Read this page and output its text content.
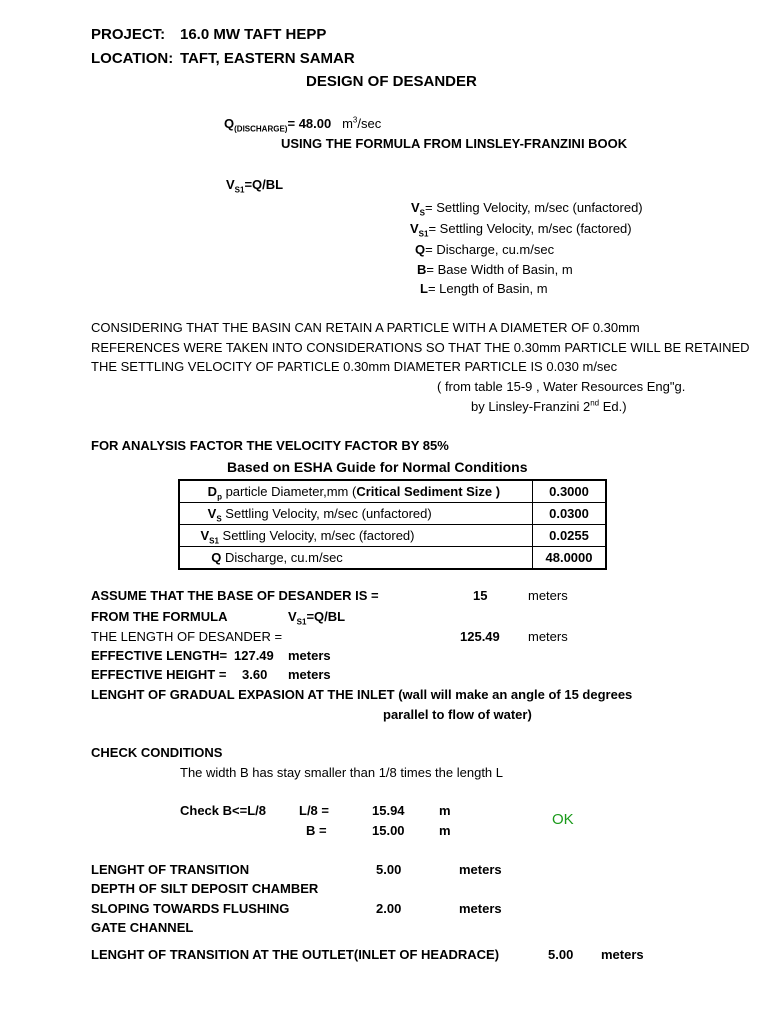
PROJECT: 16.0 MW TAFT HEPP
LOCATION: TAFT, EASTERN SAMAR
DESIGN OF DESANDER
$Q_{(DISCHARGE)}= 48.00$ $m^3/\sec$
USING THE FORMULA FROM LINSLEY-FRANZINI BOOK
$V_{S1}=Q/BL$
$V_S=$ Settling Velocity, m/sec (unfactored)
$V_{S1}=$ Settling Velocity, m/sec (factored)
Q= Discharge, cu.m/sec
B= Base Width of Basin, m
L= Length of Basin, m
CONSIDERING THAT THE BASIN CAN RETAIN A PARTICLE WITH A DIAMETER OF 0.30mm
REFERENCES WERE TAKEN INTO CONSIDERATIONS SO THAT THE 0.30mm PARTICLE WILL BE RETAINED
THE SETTLING VELOCITY OF PARTICLE 0.30mm DIAMETER PARTICLE IS 0.030 m/sec
( from table 15-9 , Water Resources Eng"g.
by Linsley-Franzini 2nd Ed.)
FOR ANALYSIS FACTOR THE VELOCITY FACTOR BY 85%
Based on ESHA Guide for Normal Conditions
$D_p$ particle Diameter,mm (Critical Sediment Size )	0.3000
$V_S$ Settling Velocity, m/sec (unfactored)	0.0300
$V_{S1}$ Settling Velocity, m/sec (factored)	0.0255
Q Discharge, cu.m/sec	48.0000
ASSUME THAT THE BASE OF DESANDER IS =	15	meters
FROM THE FORMULA	$V_{S1}=Q/BL$
THE LENGTH OF DESANDER =	125.49 meters
EFFECTIVE LENGTH= 127.49 meters
EFFECTIVE HEIGHT = 3.60 meters
LENGHT OF GRADUAL EXPASION AT THE INLET (wall will make an angle of 15 degrees
parallel to flow of water)
CHECK CONDITIONS
The width B has stay smaller than 1/8 times the length L
Check B<=L/8	L/8 =	15.94	m
OK
B =	15.00	m
LENGHT OF TRANSITION	5.00	meters
DEPTH OF SILT DEPOSIT CHAMBER
SLOPING TOWARDS FLUSHING	2.00	meters
GATE CHANNEL
LENGHT OF TRANSITION AT THE OUTLET(INLET OF HEADRACE)	5.00 meters
